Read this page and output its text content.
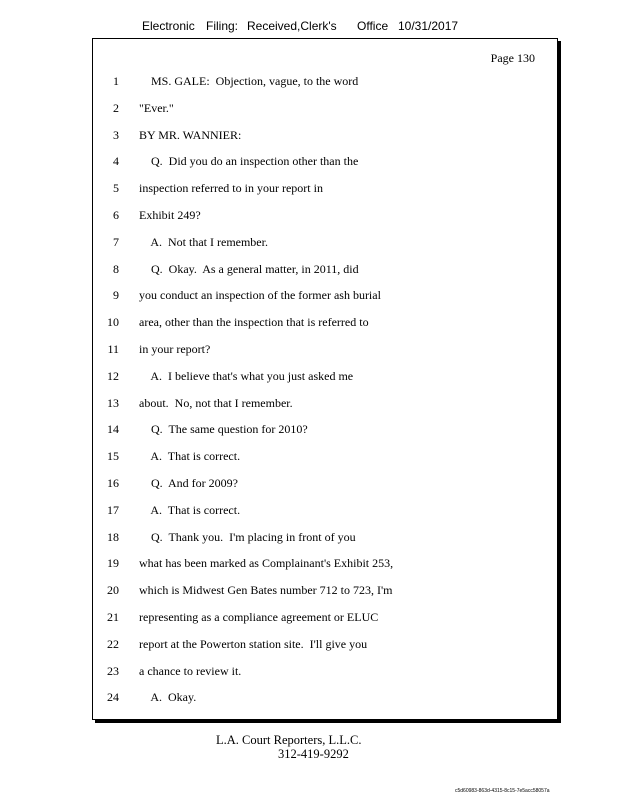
Electronic Filing: Received,Clerk's Office 10/31/2017
Page 130
1 MS. GALE:  Objection, vague, to the word
2 "Ever."
3 BY MR. WANNIER:
4 Q.  Did you do an inspection other than the
5 inspection referred to in your report in
6 Exhibit 249?
7 A.  Not that I remember.
8 Q.  Okay.  As a general matter, in 2011, did
9 you conduct an inspection of the former ash burial
10 area, other than the inspection that is referred to
11 in your report?
12 A.  I believe that's what you just asked me
13 about.  No, not that I remember.
14 Q.  The same question for 2010?
15 A.  That is correct.
16 Q.  And for 2009?
17 A.  That is correct.
18 Q.  Thank you.  I'm placing in front of you
19 what has been marked as Complainant's Exhibit 253,
20 which is Midwest Gen Bates number 712 to 723, I'm
21 representing as a compliance agreement or ELUC
22 report at the Powerton station site.  I'll give you
23 a chance to review it.
24 A.  Okay.
L.A. Court Reporters, L.L.C.
312-419-9292
c5d60983-863d-4315-8c15-7e5acc58057a
